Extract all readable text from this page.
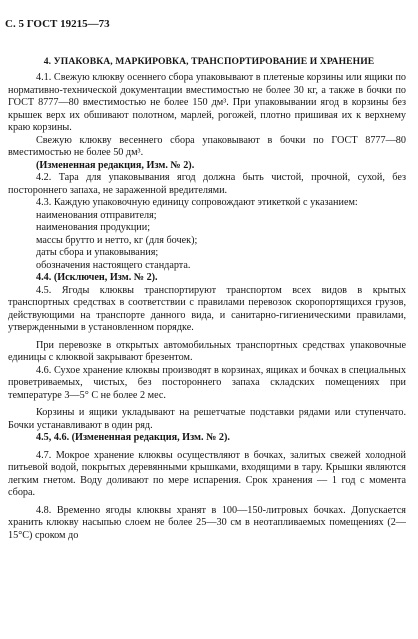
С. 5 ГОСТ 19215—73
4. УПАКОВКА, МАРКИРОВКА, ТРАНСПОРТИРОВАНИЕ И ХРАНЕНИЕ

4.1. Свежую клюкву осеннего сбора упаковывают в плетеные корзины или ящики по нормативно-технической документации вместимостью не более 30 кг, а также в бочки по ГОСТ 8777—80 вместимостью не более 150 дм³. При упаковывании ягод в корзины без крышек верх их обшивают полотном, марлей, рогожей, плотно пришивая их к верхнему краю корзины.

Свежую клюкву весеннего сбора упаковывают в бочки по ГОСТ 8777—80 вместимостью не более 50 дм³.

(Измененная редакция, Изм. № 2).

4.2. Тара для упаковывания ягод должна быть чистой, прочной, сухой, без постороннего запаха, не зараженной вредителями.

4.3. Каждую упаковочную единицу сопровождают этикеткой с указанием:

наименования отправителя;
наименования продукции;
массы брутто и нетто, кг (для бочек);
даты сбора и упаковывания;
обозначения настоящего стандарта.

4.4. (Исключен, Изм. № 2).

4.5. Ягоды клюквы транспортируют транспортом всех видов в крытых транспортных средствах в соответствии с правилами перевозок скоропортящихся грузов, действующими на транспорте данного вида, и санитарно-гигиеническими правилами, утвержденными в установленном порядке.

При перевозке в открытых автомобильных транспортных средствах упаковочные единицы с клюквой закрывают брезентом.

4.6. Сухое хранение клюквы производят в корзинах, ящиках и бочках в специальных проветриваемых, чистых, без постороннего запаха складских помещениях при температуре 3—5° С не более 2 мес.

Корзины и ящики укладывают на решетчатые подставки рядами или ступенчато. Бочки устанавливают в один ряд.

4.5, 4.6. (Измененная редакция, Изм. № 2).

4.7. Мокрое хранение клюквы осуществляют в бочках, залитых свежей холодной питьевой водой, покрытых деревянными крышками, входящими в тару. Крышки являются легким гнетом. Воду доливают по мере испарения. Срок хранения — 1 год с момента сбора.

4.8. Временно ягоды клюквы хранят в 100—150-литровых бочках. Допускается хранить клюкву насыпью слоем не более 25—30 см в неотапливаемых помещениях (2—15°С) сроком до
